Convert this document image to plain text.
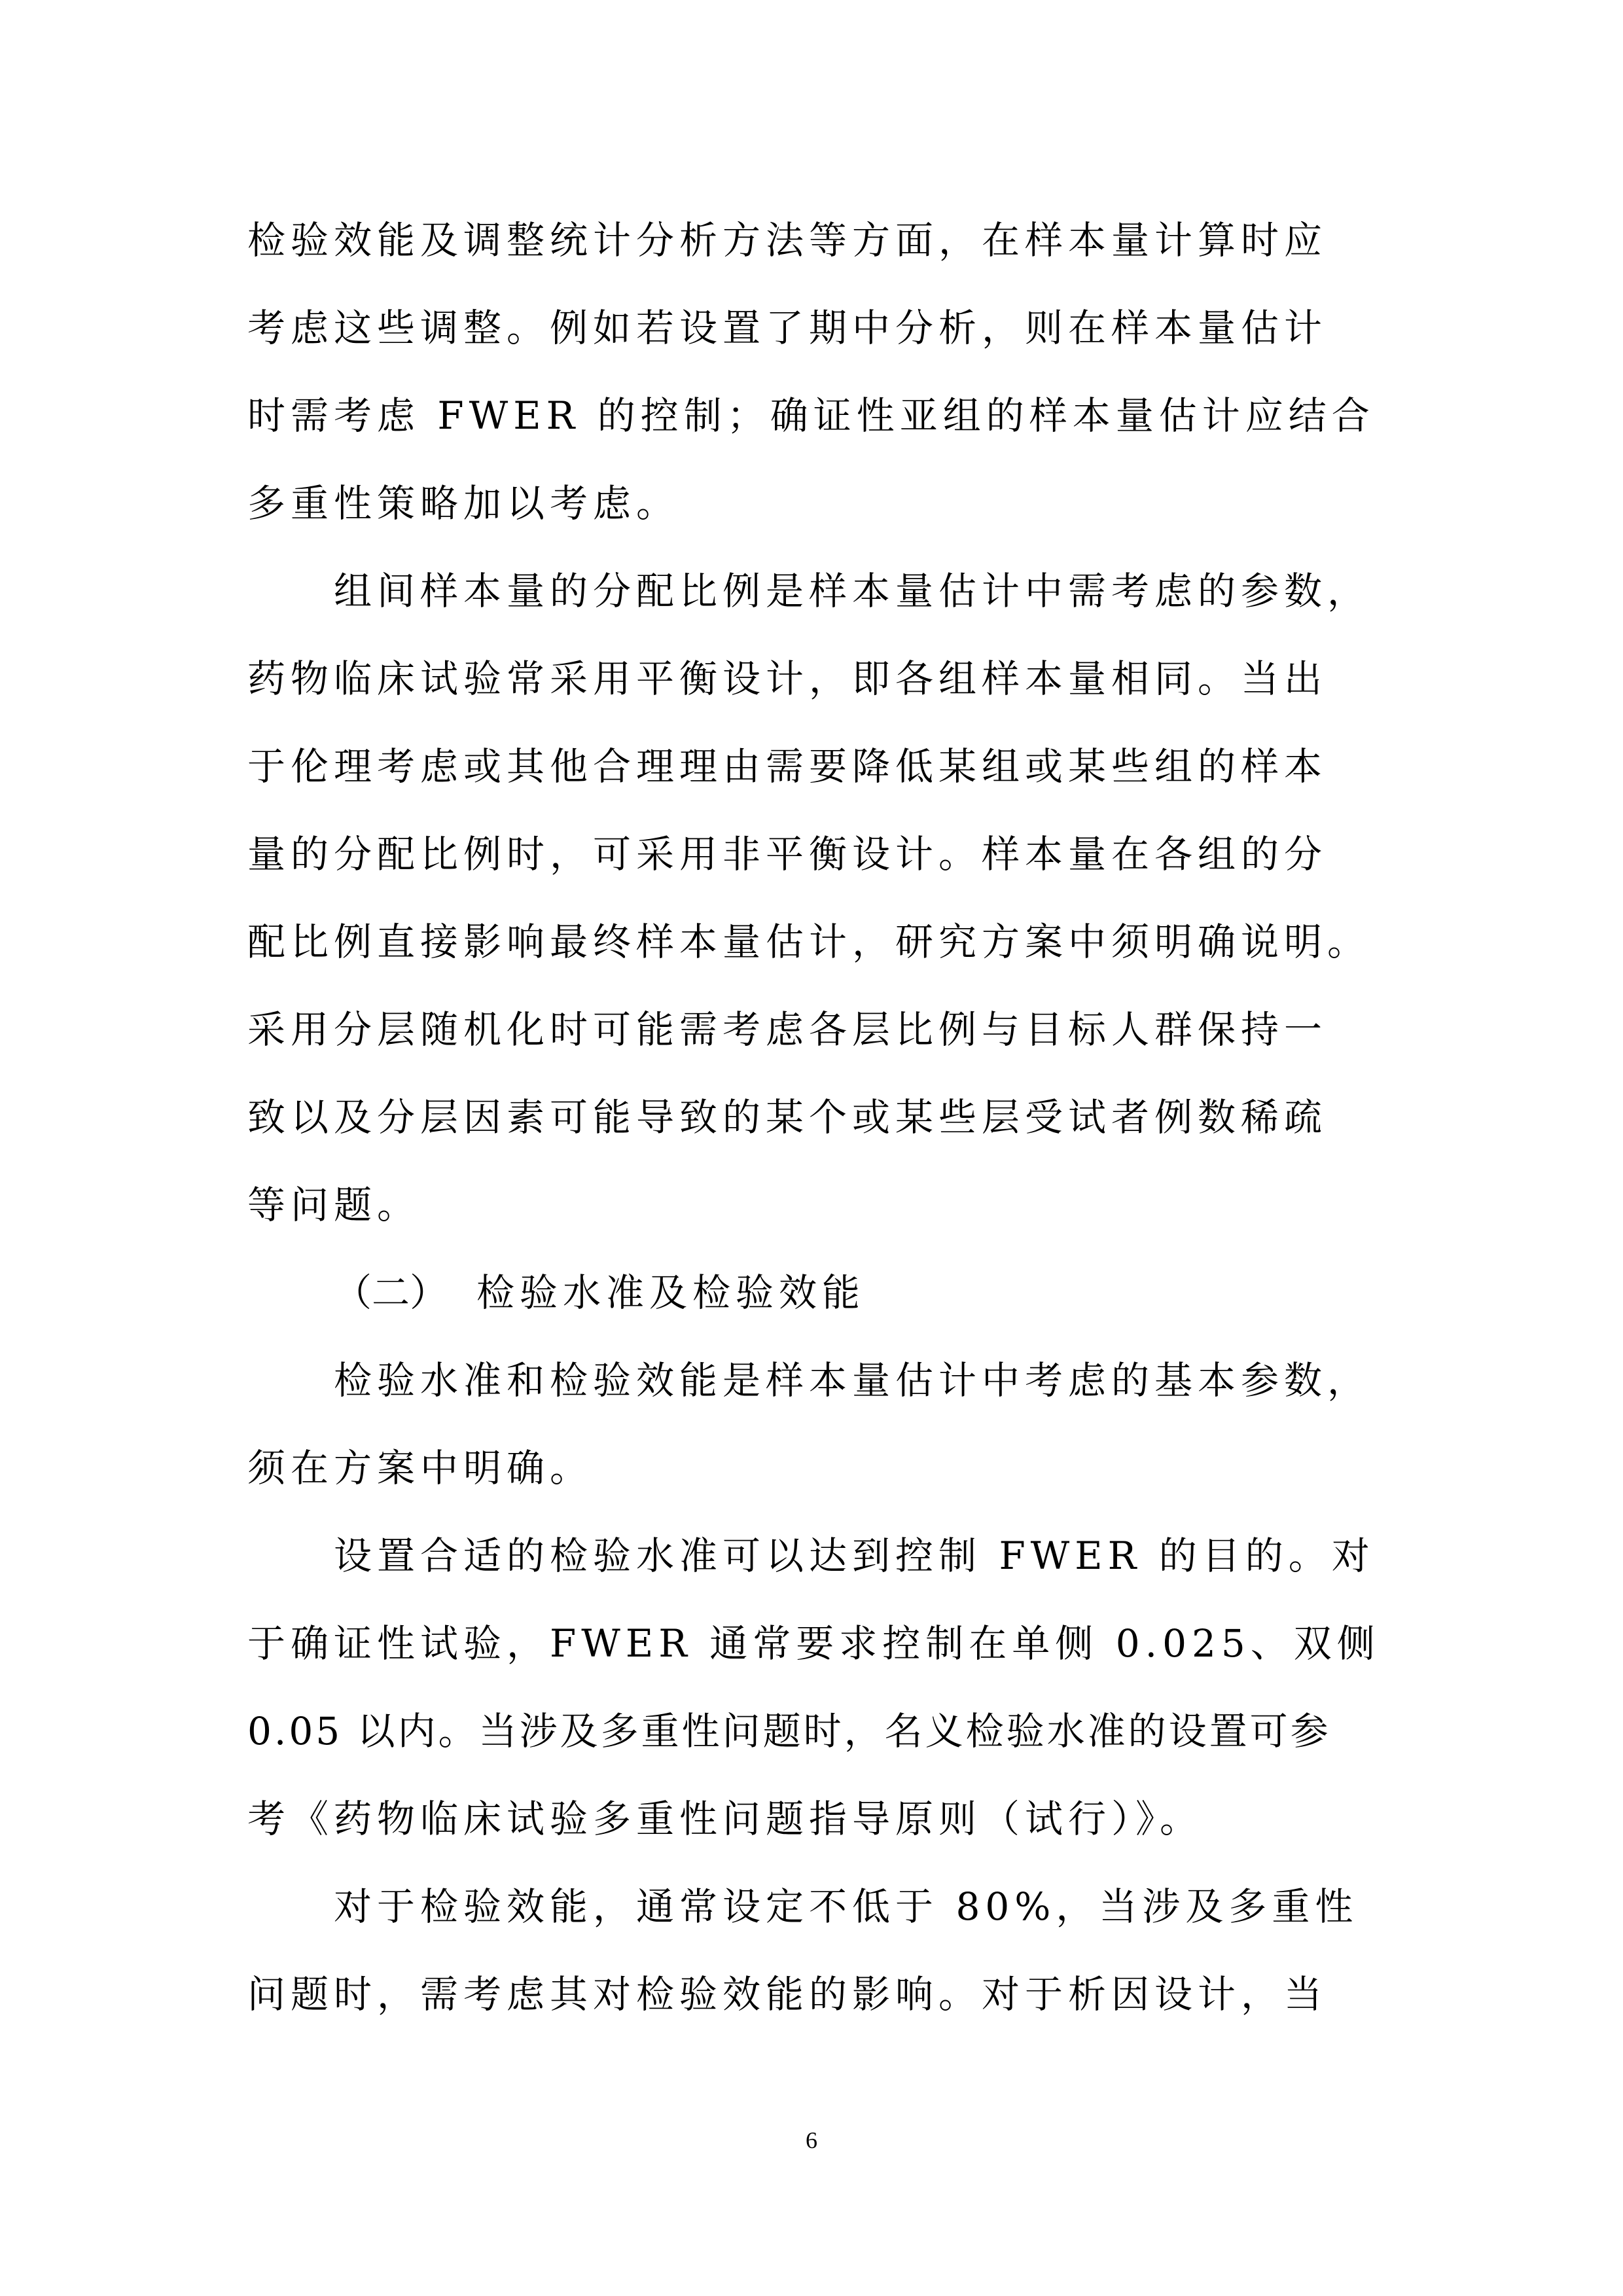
检验效能及调整统计分析方法等方面，在样本量计算时应
考虑这些调整。例如若设置了期中分析，则在样本量估计
时需考虑 FWER 的控制；确证性亚组的样本量估计应结合
多重性策略加以考虑。
组间样本量的分配比例是样本量估计中需考虑的参数，
药物临床试验常采用平衡设计，即各组样本量相同。当出
于伦理考虑或其他合理理由需要降低某组或某些组的样本
量的分配比例时，可采用非平衡设计。样本量在各组的分
配比例直接影响最终样本量估计，研究方案中须明确说明。
采用分层随机化时可能需考虑各层比例与目标人群保持一
致以及分层因素可能导致的某个或某些层受试者例数稀疏
等问题。
（二） 检验水准及检验效能
检验水准和检验效能是样本量估计中考虑的基本参数，
须在方案中明确。
设置合适的检验水准可以达到控制 FWER 的目的。对
于确证性试验，FWER 通常要求控制在单侧 0.025、双侧
0.05 以内。当涉及多重性问题时，名义检验水准的设置可参
考《药物临床试验多重性问题指导原则（试行）》。
对于检验效能，通常设定不低于 80%，当涉及多重性
问题时，需考虑其对检验效能的影响。对于析因设计，当
6
